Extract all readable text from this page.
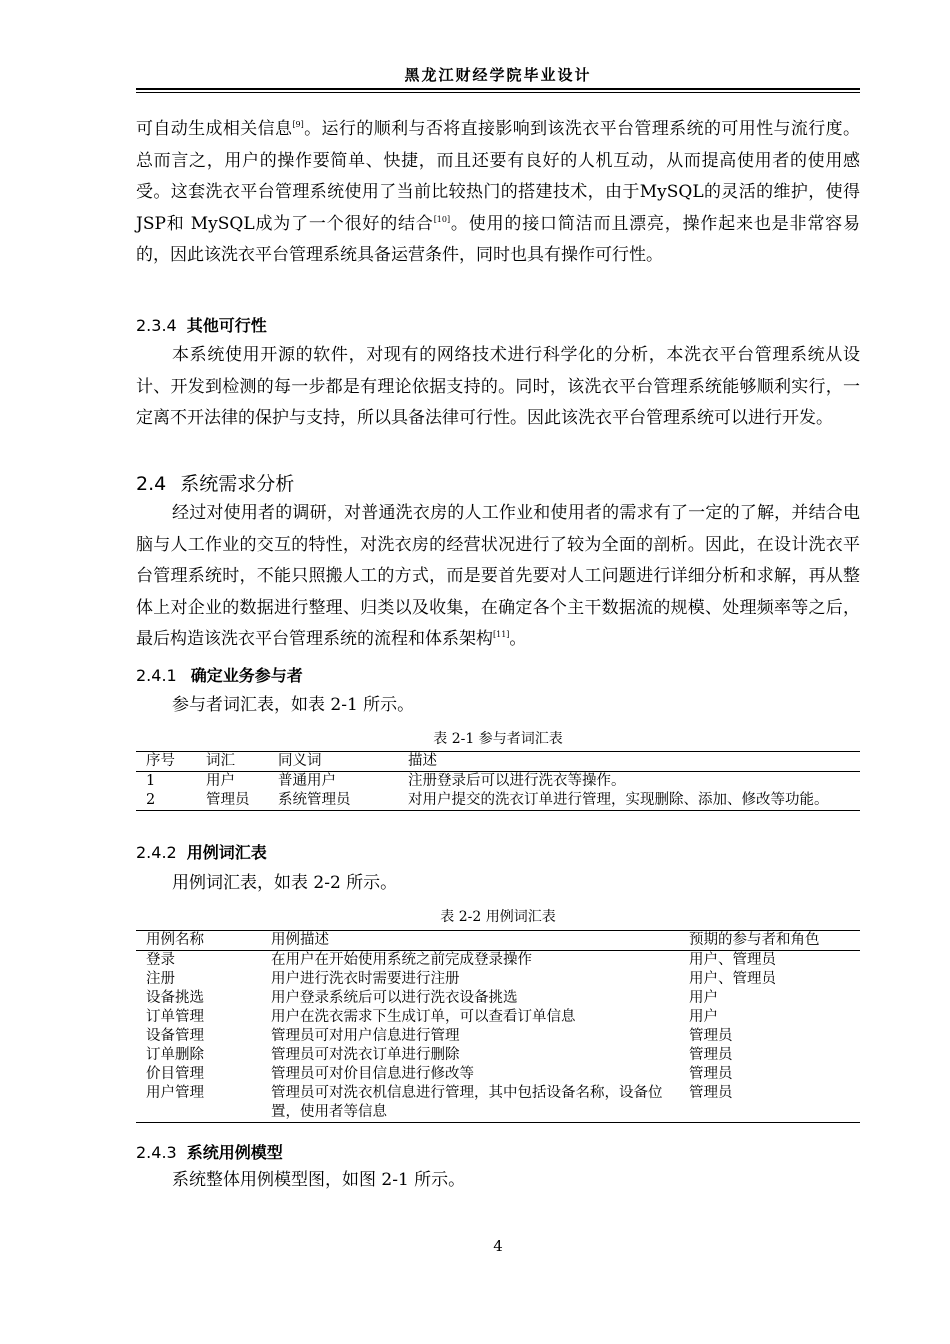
黑龙江财经学院毕业设计
可自动生成相关信息[9]。运行的顺利与否将直接影响到该洗衣平台管理系统的可用性与流行度。总而言之，用户的操作要简单、快捷，而且还要有良好的人机互动，从而提高使用者的使用感受。这套洗衣平台管理系统使用了当前比较热门的搭建技术，由于MySQL的灵活的维护，使得 JSP和 MySQL成为了一个很好的结合[10]。使用的接口简洁而且漂亮，操作起来也是非常容易的，因此该洗衣平台管理系统具备运营条件，同时也具有操作可行性。
2.3.4 其他可行性
本系统使用开源的软件，对现有的网络技术进行科学化的分析，本洗衣平台管理系统从设计、开发到检测的每一步都是有理论依据支持的。同时，该洗衣平台管理系统能够顺利实行，一定离不开法律的保护与支持，所以具备法律可行性。因此该洗衣平台管理系统可以进行开发。
2.4 系统需求分析
经过对使用者的调研，对普通洗衣房的人工作业和使用者的需求有了一定的了解，并结合电脑与人工作业的交互的特性，对洗衣房的经营状况进行了较为全面的剖析。因此，在设计洗衣平台管理系统时，不能只照搬人工的方式，而是要首先要对人工问题进行详细分析和求解，再从整体上对企业的数据进行整理、归类以及收集，在确定各个主干数据流的规模、处理频率等之后，最后构造该洗衣平台管理系统的流程和体系架构[11]。
2.4.1 确定业务参与者
参与者词汇表，如表 2-1 所示。
表 2-1 参与者词汇表
序号	词汇	同义词	描述
1	用户	普通用户	注册登录后可以进行洗衣等操作。
2	管理员	系统管理员	对用户提交的洗衣订单进行管理，实现删除、添加、修改等功能。
2.4.2 用例词汇表
用例词汇表，如表 2-2 所示。
表 2-2 用例词汇表
用例名称	用例描述	预期的参与者和角色
登录	在用户在开始使用系统之前完成登录操作	用户、管理员
注册	用户进行洗衣时需要进行注册	用户、管理员
设备挑选	用户登录系统后可以进行洗衣设备挑选	用户
订单管理	用户在洗衣需求下生成订单，可以查看订单信息	用户
设备管理	管理员可对用户信息进行管理	管理员
订单删除	管理员可对洗衣订单进行删除	管理员
价目管理	管理员可对价目信息进行修改等	管理员
用户管理	管理员可对洗衣机信息进行管理，其中包括设备名称，设备位置，使用者等信息	管理员
2.4.3 系统用例模型
系统整体用例模型图，如图 2-1 所示。
4
